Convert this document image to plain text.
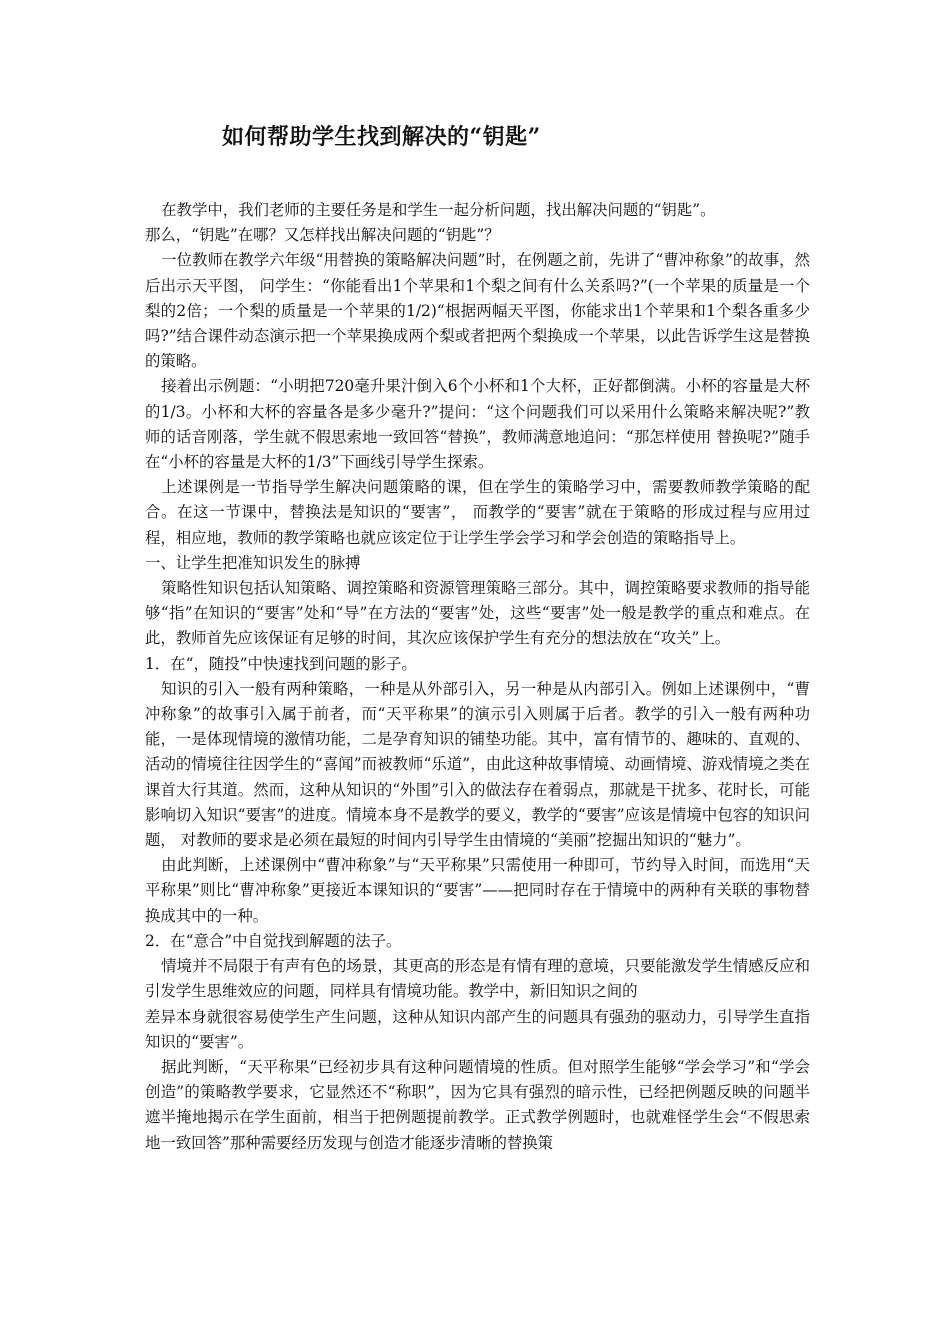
如何帮助学生找到解决的“钥匙”

在教学中，我们老师的主要任务是和学生一起分析问题，找出解决问题的“钥匙”。

那么，“钥匙”在哪？又怎样找出解决问题的“钥匙”？

一位教师在教学六年级“用替换的策略解决问题”时，在例题之前，先讲了“曹冲称象”的故事，然后出示天平图， 问学生：“你能看出1个苹果和1个梨之间有什么关系吗?”(一个苹果的质量是一个梨的2倍；一个梨的质量是一个苹果的1/2)“根据两幅天平图，你能求出1个苹果和1个梨各重多少吗?”结合课件动态演示把一个苹果换成两个梨或者把两个梨换成一个苹果，以此告诉学生这是替换的策略。

接着出示例题：“小明把720毫升果汁倒入6个小杯和1个大杯，正好都倒满。小杯的容量是大杯的1/3。小杯和大杯的容量各是多少毫升?”提问：“这个问题我们可以采用什么策略来解决呢?”教师的话音刚落，学生就不假思索地一致回答“替换”，教师满意地追问：“那怎样使用 替换呢?”随手在“小杯的容量是大杯的1/3”下画线引导学生探索。

上述课例是一节指导学生解决问题策略的课，但在学生的策略学习中，需要教师教学策略的配合。在这一节课中，替换法是知识的“要害”， 而教学的“要害”就在于策略的形成过程与应用过程，相应地，教师的教学策略也就应该定位于让学生学会学习和学会创造的策略指导上。

一、让学生把准知识发生的脉搏

策略性知识包括认知策略、调控策略和资源管理策略三部分。其中，调控策略要求教师的指导能够“指”在知识的“要害”处和“导”在方法的“要害”处，这些“要害”处一般是教学的重点和难点。在此，教师首先应该保证有足够的时间，其次应该保护学生有充分的想法放在“攻关”上。

1．在“，随投”中快速找到问题的影子。

知识的引入一般有两种策略，一种是从外部引入，另一种是从内部引入。例如上述课例中，“曹冲称象”的故事引入属于前者，而“天平称果”的演示引入则属于后者。教学的引入一般有两种功能，一是体现情境的激情功能，二是孕育知识的铺垫功能。其中，富有情节的、趣味的、直观的、活动的情境往往因学生的“喜闻”而被教师“乐道”，由此这种故事情境、动画情境、游戏情境之类在课首大行其道。然而，这种从知识的“外围”引入的做法存在着弱点，那就是干扰多、花时长，可能影响切入知识“要害”的进度。情境本身不是教学的要义，教学的“要害”应该是情境中包容的知识问题， 对教师的要求是必须在最短的时间内引导学生由情境的“美丽”挖掘出知识的“魅力”。

由此判断，上述课例中“曹冲称象”与“天平称果”只需使用一种即可，节约导入时间，而选用“天平称果”则比“曹冲称象”更接近本课知识的“要害”——把同时存在于情境中的两种有关联的事物替换成其中的一种。

2．在“意合”中自觉找到解题的法子。

情境并不局限于有声有色的场景，其更高的形态是有情有理的意境，只要能激发学生情感反应和引发学生思维效应的问题，同样具有情境功能。教学中，新旧知识之间的

差异本身就很容易使学生产生问题，这种从知识内部产生的问题具有强劲的驱动力，引导学生直指知识的“要害”。

据此判断，“天平称果”已经初步具有这种问题情境的性质。但对照学生能够“学会学习”和“学会创造”的策略教学要求，它显然还不“称职”，因为它具有强烈的暗示性，已经把例题反映的问题半遮半掩地揭示在学生面前，相当于把例题提前教学。正式教学例题时，也就难怪学生会“不假思索地一致回答”那种需要经历发现与创造才能逐步清晰的替换策
